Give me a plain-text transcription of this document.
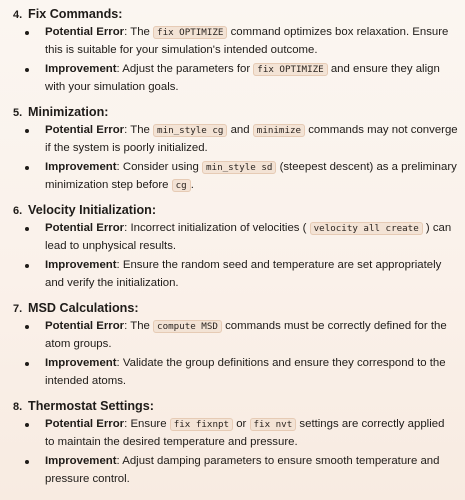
4. Fix Commands:
Potential Error: The fix OPTIMIZE command optimizes box relaxation. Ensure
this is suitable for your simulation's intended outcome.
Improvement: Adjust the parameters for fix OPTIMIZE and ensure they align
with your simulation goals.
5. Minimization:
Potential Error: The min_style cg and minimize commands may not converge
if the system is poorly initialized.
Improvement: Consider using min_style sd (steepest descent) as a preliminary
minimization step before cg .
6. Velocity Initialization:
Potential Error: Incorrect initialization of velocities ( velocity all create ) can
lead to unphysical results.
Improvement: Ensure the random seed and temperature are set appropriately
and verify the initialization.
7. MSD Calculations:
Potential Error: The compute MSD commands must be correctly defined for the
atom groups.
Improvement: Validate the group definitions and ensure they correspond to the
intended atoms.
8. Thermostat Settings:
Potential Error: Ensure fix fixnpt or fix nvt settings are correctly applied
to maintain the desired temperature and pressure.
Improvement: Adjust damping parameters to ensure smooth temperature and
pressure control.
